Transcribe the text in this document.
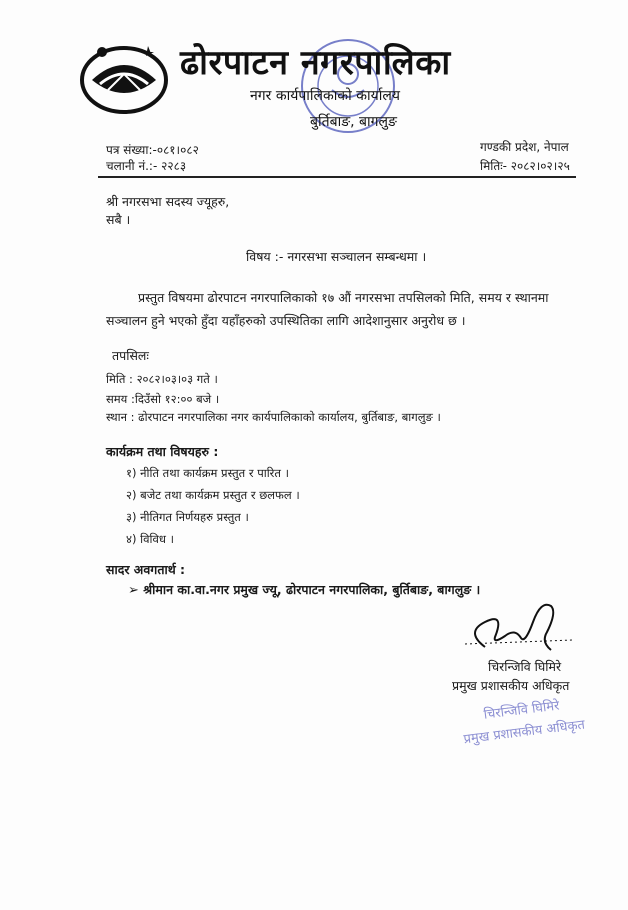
ढोरपाटन नगरपालिका
नगर कार्यपालिकाको कार्यालय
बुर्तिबाङ, बागलुङ
पत्र संख्या:-०८१।०८२
चलानी नं.:- २२८३
गण्डकी प्रदेश, नेपाल
मितिः- २०८२।०२।२५
श्री नगरसभा सदस्य ज्यूहरु,
सबै ।
विषय :- नगरसभा सञ्चालन सम्बन्धमा ।
प्रस्तुत विषयमा ढोरपाटन नगरपालिकाको १७ औं नगरसभा तपसिलको मिति, समय र स्थानमा
सञ्चालन हुने भएको हुँदा यहाँहरुको उपस्थितिका लागि आदेशानुसार अनुरोध छ ।
तपसिलः
मिति : २०८२।०३।०३ गते ।
समय :दिउँसो १२:०० बजे ।
स्थान : ढोरपाटन नगरपालिका नगर कार्यपालिकाको कार्यालय, बुर्तिबाङ, बागलुङ ।
कार्यक्रम तथा विषयहरु :
१) नीति तथा कार्यक्रम प्रस्तुत र पारित ।
२) बजेट तथा कार्यक्रम प्रस्तुत र छलफल ।
३) नीतिगत निर्णयहरु प्रस्तुत ।
४) विविध ।
सादर अवगतार्थ :
➢ श्रीमान का.वा.नगर प्रमुख ज्यू, ढोरपाटन नगरपालिका, बुर्तिबाङ, बागलुङ ।
चिरन्जिवि घिमिरे
प्रमुख प्रशासकीय अधिकृत
चिरन्जिवि घिमिरे
प्रमुख प्रशासकीय अधिकृत
